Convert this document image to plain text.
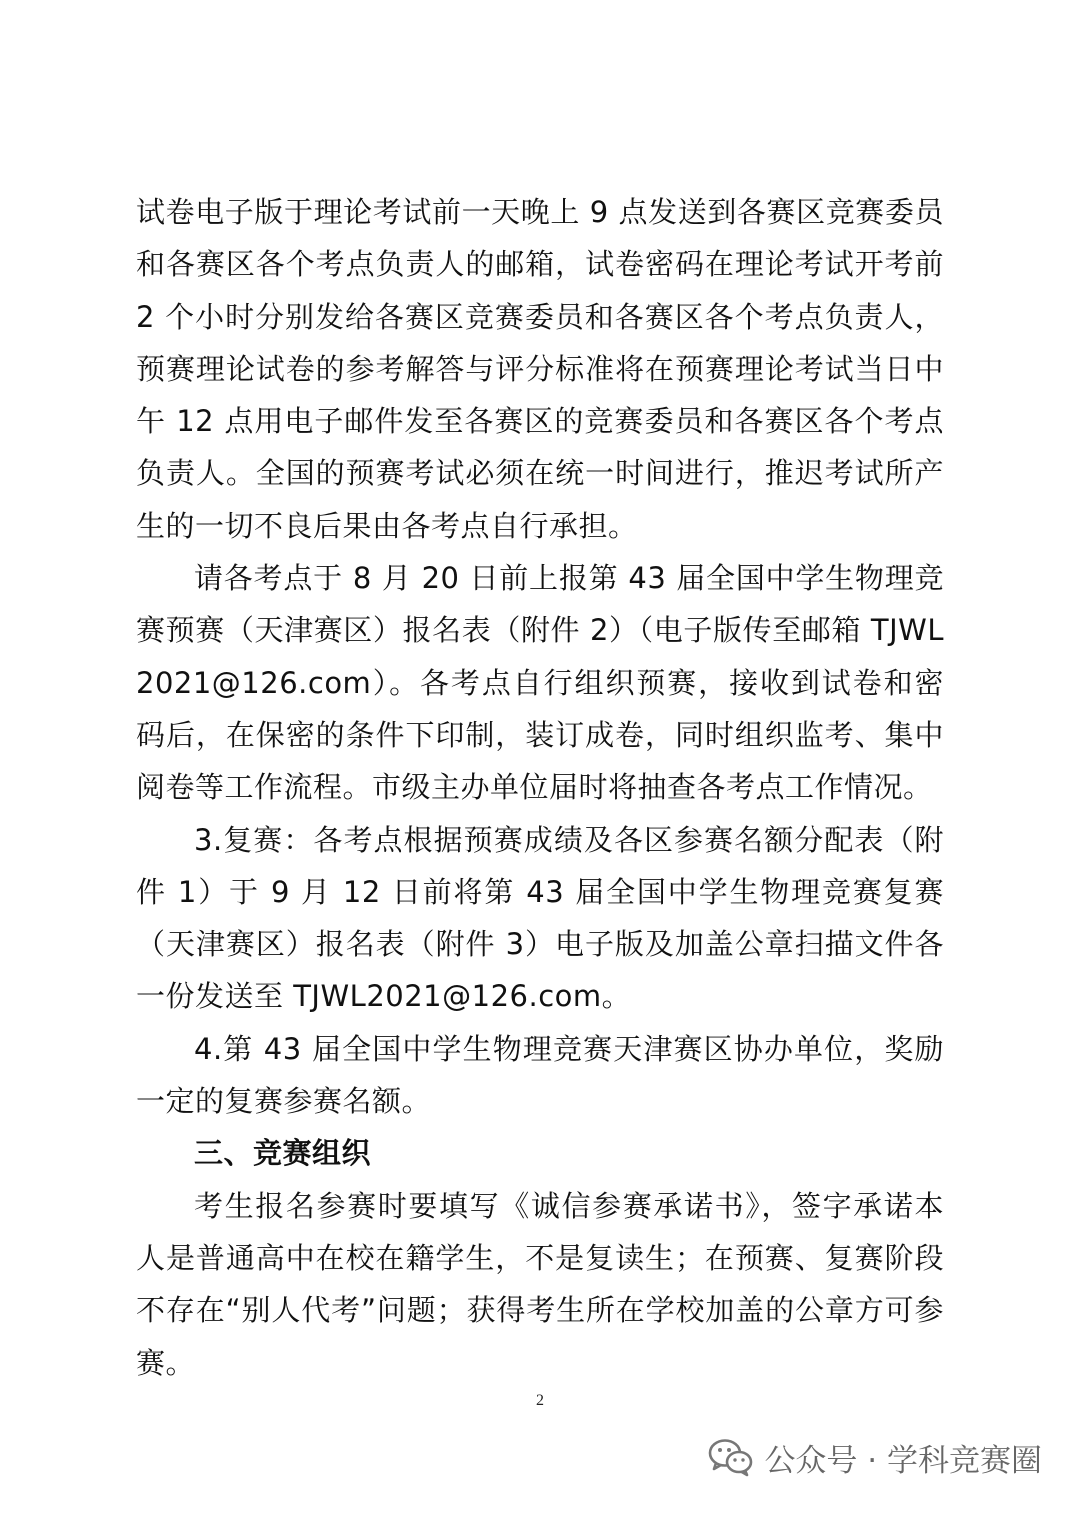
试卷电子版于理论考试前一天晚上 9 点发送到各赛区竞赛委员和各赛区各个考点负责人的邮箱，试卷密码在理论考试开考前 2 个小时分别发给各赛区竞赛委员和各赛区各个考点负责人，预赛理论试卷的参考解答与评分标准将在预赛理论考试当日中午 12 点用电子邮件发至各赛区的竞赛委员和各赛区各个考点负责人。全国的预赛考试必须在统一时间进行，推迟考试所产生的一切不良后果由各考点自行承担。

请各考点于 8 月 20 日前上报第 43 届全国中学生物理竞赛预赛（天津赛区）报名表（附件 2）（电子版传至邮箱 TJWL2021@126.com）。各考点自行组织预赛，接收到试卷和密码后，在保密的条件下印制，装订成卷，同时组织监考、集中阅卷等工作流程。市级主办单位届时将抽查各考点工作情况。

3.复赛：各考点根据预赛成绩及各区参赛名额分配表（附件 1）于 9 月 12 日前将第 43 届全国中学生物理竞赛复赛（天津赛区）报名表（附件 3）电子版及加盖公章扫描文件各一份发送至 TJWL2021@126.com。

4.第 43 届全国中学生物理竞赛天津赛区协办单位，奖励一定的复赛参赛名额。

三、竞赛组织

考生报名参赛时要填写《诚信参赛承诺书》，签字承诺本人是普通高中在校在籍学生，不是复读生；在预赛、复赛阶段不存在“别人代考”问题；获得考生所在学校加盖的公章方可参赛。

2
公众号 · 学科竞赛圈
